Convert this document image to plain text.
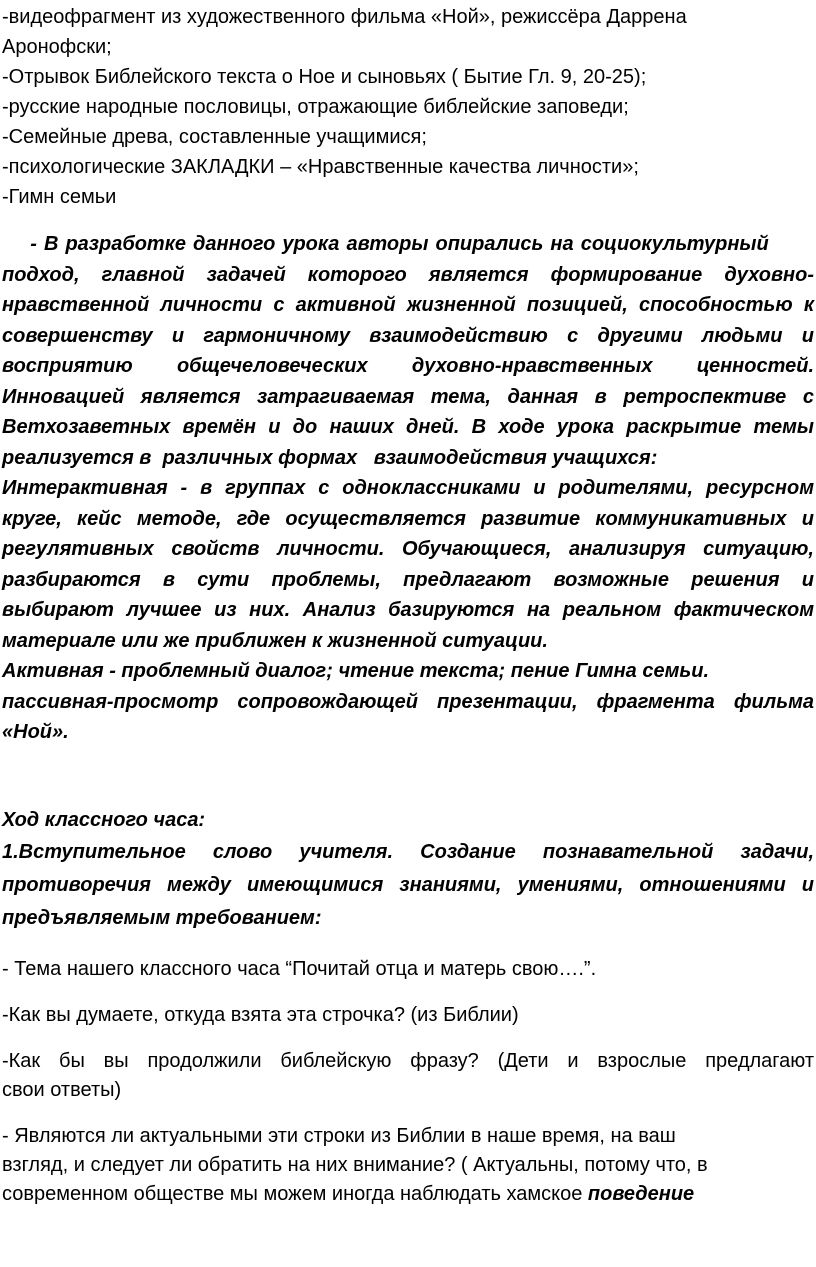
-видеофрагмент из художественного фильма «Ной», режиссёра Даррена

Аронофски;

-Отрывок Библейского текста о Ное и сыновьях ( Бытие Гл. 9, 20-25);

-русские народные пословицы, отражающие библейские заповеди;

-Семейные древа, составленные учащимися;

-психологические ЗАКЛАДКИ – «Нравственные качества личности»;

-Гимн семьи

- В разработке данного урока авторы опирались на социокультурный

подход, главной задачей которого является формирование духовно-

нравственной личности с активной жизненной позицией, способностью к

совершенству и гармоничному взаимодействию с другими людьми и

восприятию общечеловеческих духовно-нравственных ценностей.

Инновацией является затрагиваемая тема, данная в ретроспективе с

Ветхозаветных времён и до наших дней. В ходе урока раскрытие темы

реализуется в  различных формах   взаимодействия учащихся:

Интерактивная - в группах с одноклассниками и родителями, ресурсном

круге, кейс методе, где осуществляется развитие коммуникативных и

регулятивных свойств личности. Обучающиеся, анализируя ситуацию,

разбираются в сути проблемы, предлагают возможные решения и

выбирают лучшее из них. Анализ базируются на реальном фактическом

материале или же приближен к жизненной ситуации.

Активная - проблемный диалог; чтение текста; пение Гимна семьи.

пассивная-просмотр сопровождающей презентации, фрагмента фильма

«Ной».

Ход классного часа:

1.Вступительное слово учителя. Создание познавательной задачи,

противоречия между имеющимися знаниями, умениями, отношениями и

предъявляемым требованием:

- Тема нашего классного часа “Почитай отца и матерь свою….”.

-Как вы думаете, откуда взята эта строчка? (из Библии)

-Как бы вы продолжили библейскую фразу? (Дети и взрослые предлагают

свои ответы)

- Являются ли актуальными эти строки из Библии в наше время, на ваш

взгляд, и следует ли обратить на них внимание? ( Актуальны, потому что, в

современном обществе мы можем иногда наблюдать хамское поведение
